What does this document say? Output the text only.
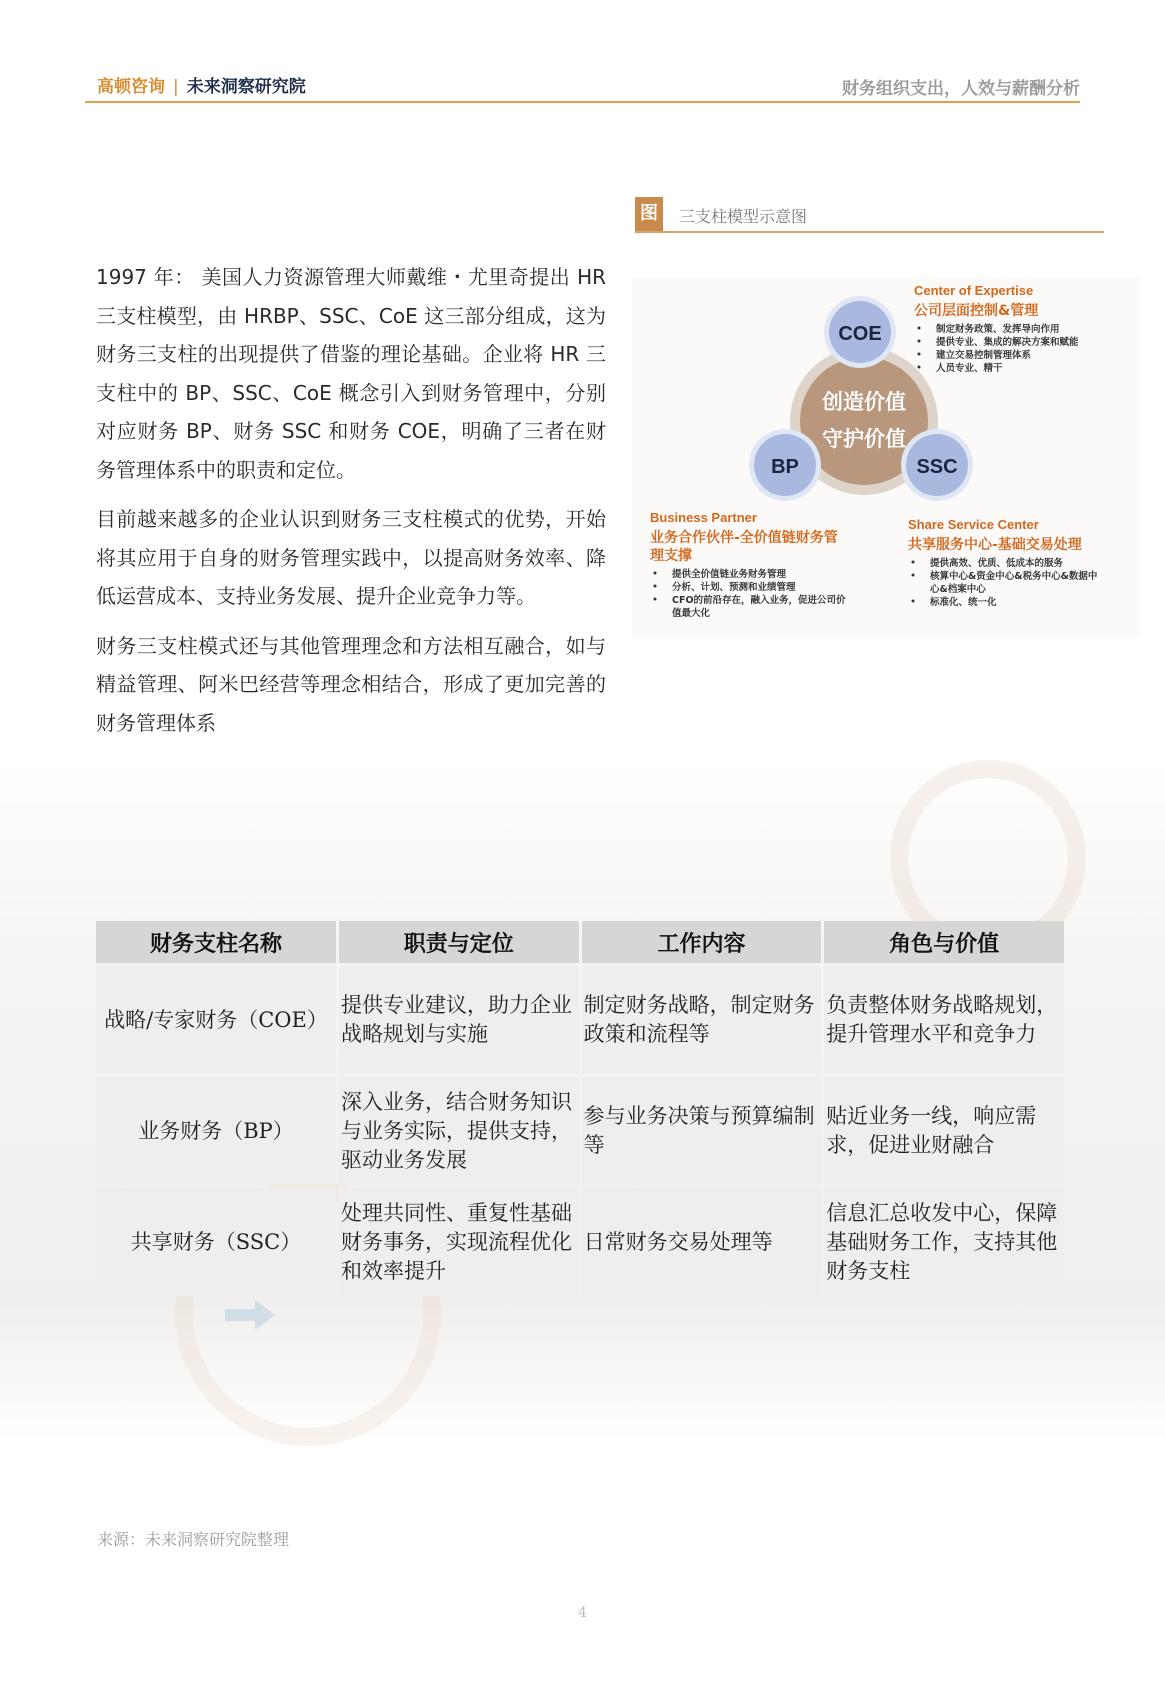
高顿咨询 | 未来洞察研究院	财务组织支出，人效与薪酬分析

1997 年： 美国人力资源管理大师戴维・尤里奇提出 HR 三支柱模型，由 HRBP、SSC、CoE 这三部分组成，这为财务三支柱的出现提供了借鉴的理论基础。企业将 HR 三支柱中的 BP、SSC、CoE 概念引入到财务管理中，分别对应财务 BP、财务 SSC 和财务 COE，明确了三者在财务管理体系中的职责和定位。

目前越来越多的企业认识到财务三支柱模式的优势，开始将其应用于自身的财务管理实践中，以提高财务效率、降低运营成本、支持业务发展、提升企业竞争力等。

财务三支柱模式还与其他管理理念和方法相互融合，如与精益管理、阿米巴经营等理念相结合，形成了更加完善的财务管理体系

图	三支柱模型示意图
创造价值
守护价值
COE
BP	SSC
Center of Expertise
公司层面控制&管理
制定财务政策、发挥导向作用
提供专业、集成的解决方案和赋能
建立交易控制管理体系
人员专业、精干
Business Partner
业务合作伙伴-全价值链财务管
理支撑
提供全价值链业务财务管理
分析、计划、预测和业绩管理
CFO的前沿存在，融入业务，促进公司价
值最大化
Share Service Center
共享服务中心-基础交易处理
提供高效、优质、低成本的服务
核算中心&资金中心&税务中心&数据中
心&档案中心
标准化、统一化
财务支柱名称	职责与定位	工作内容	角色与价值
战略/专家财务（COE）	提供专业建议，助力企业战略规划与实施	制定财务战略，制定财务政策和流程等	负责整体财务战略规划，提升管理水平和竞争力
业务财务（BP）	深入业务，结合财务知识与业务实际，提供支持，驱动业务发展	参与业务决策与预算编制等	贴近业务一线，响应需求，促进业财融合
共享财务（SSC）	处理共同性、重复性基础财务事务，实现流程优化和效率提升	日常财务交易处理等	信息汇总收发中心，保障基础财务工作，支持其他财务支柱
来源：未来洞察研究院整理
4
